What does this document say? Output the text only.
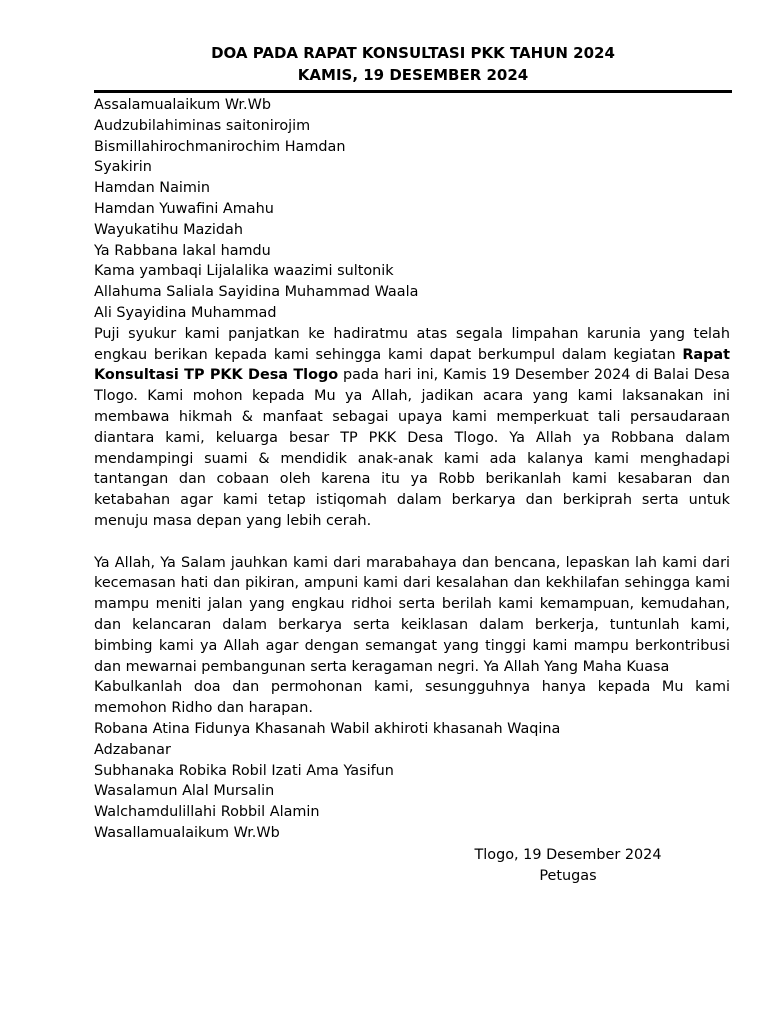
DOA PADA RAPAT KONSULTASI PKK TAHUN 2024
KAMIS, 19 DESEMBER 2024
Assalamualaikum Wr.Wb
Audzubilahiminas saitonirojim
Bismillahirochmanirochim Hamdan
Syakirin
Hamdan Naimin
Hamdan Yuwafini Amahu
Wayukatihu Mazidah
Ya Rabbana lakal hamdu
Kama yambaqi Lijalalika waazimi sultonik
Allahuma Saliala Sayidina Muhammad Waala
Ali Syayidina Muhammad
Puji syukur kami panjatkan ke hadiratmu atas segala limpahan karunia yang telah engkau berikan kepada kami sehingga kami dapat berkumpul dalam kegiatan Rapat Konsultasi TP PKK Desa Tlogo pada hari ini, Kamis 19 Desember 2024 di Balai Desa Tlogo. Kami mohon kepada Mu ya Allah, jadikan acara yang kami laksanakan ini membawa hikmah & manfaat sebagai upaya kami memperkuat tali persaudaraan diantara kami, keluarga besar TP PKK Desa Tlogo. Ya Allah ya Robbana dalam mendampingi suami & mendidik anak-anak kami ada kalanya kami menghadapi tantangan dan cobaan oleh karena itu ya Robb berikanlah kami kesabaran dan ketabahan agar kami tetap istiqomah dalam berkarya dan berkiprah serta untuk menuju masa depan yang lebih cerah.
Ya Allah, Ya Salam jauhkan kami dari marabahaya dan bencana, lepaskan lah kami dari kecemasan hati dan pikiran, ampuni kami dari kesalahan dan kekhilafan sehingga kami mampu meniti jalan yang engkau ridhoi serta berilah kami kemampuan, kemudahan, dan kelancaran dalam berkarya serta keiklasan dalam berkerja, tuntunlah kami, bimbing kami ya Allah agar dengan semangat yang tinggi kami mampu berkontribusi dan mewarnai pembangunan serta keragaman negri. Ya Allah Yang Maha Kuasa
Kabulkanlah doa dan permohonan kami, sesungguhnya hanya kepada Mu kami memohon Ridho dan harapan.
Robana Atina Fidunya Khasanah Wabil akhiroti khasanah Waqina
Adzabanar
Subhanaka Robika Robil Izati Ama Yasifun
Wasalamun Alal Mursalin
Walchamdulillahi Robbil Alamin
Wasallamualaikum Wr.Wb
Tlogo, 19 Desember 2024
Petugas
